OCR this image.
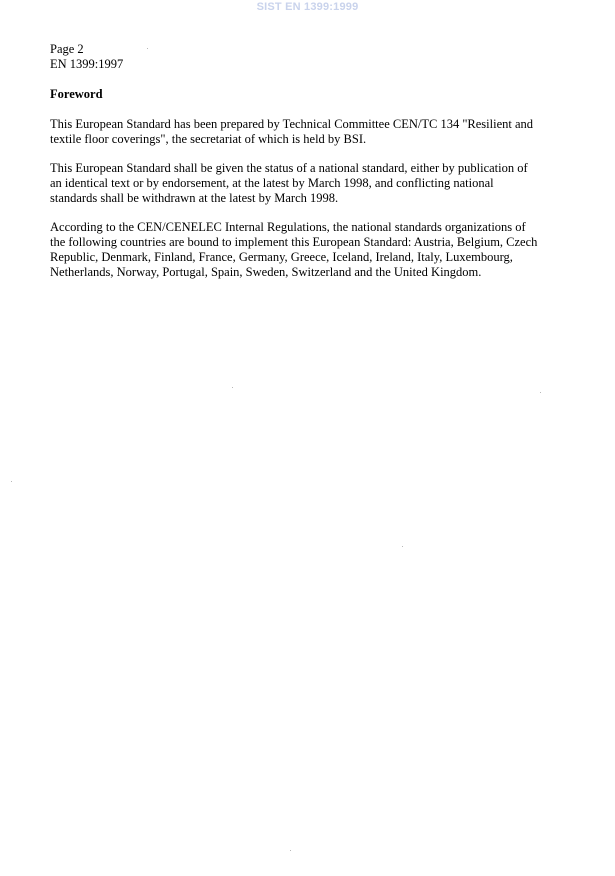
SIST EN 1399:1999
Page 2
EN 1399:1997
Foreword

This European Standard has been prepared by Technical Committee CEN/TC 134 "Resilient and
textile floor coverings", the secretariat of which is held by BSI.

This European Standard shall be given the status of a national standard, either by publication of
an identical text or by endorsement, at the latest by March 1998, and conflicting national
standards shall be withdrawn at the latest by March 1998.

According to the CEN/CENELEC Internal Regulations, the national standards organizations of
the following countries are bound to implement this European Standard: Austria, Belgium, Czech
Republic, Denmark, Finland, France, Germany, Greece, Iceland, Ireland, Italy, Luxembourg,
Netherlands, Norway, Portugal, Spain, Sweden, Switzerland and the United Kingdom.
